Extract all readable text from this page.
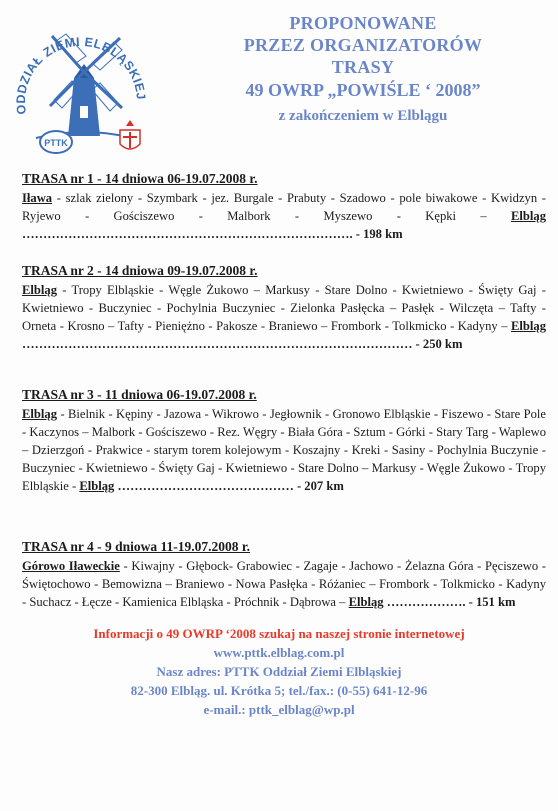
ODDZIAŁ ZIEMI ELBLĄSKIEJ
PTTK
PROPONOWANE
PRZEZ ORGANIZATORÓW
TRASY
49 OWRP „POWIŚLE ‘ 2008”
z zakończeniem w Elblągu
TRASA nr 1 - 14 dniowa 06-19.07.2008 r.
Iława - szlak zielony - Szymbark - jez. Burgale - Prabuty - Szadowo - pole biwakowe - Kwidzyn - Ryjewo - Gościszewo - Malbork - Myszewo - Kępki – Elbląg ……………………………………………………………………. - 198 km
TRASA nr 2 - 14 dniowa 09-19.07.2008 r.
Elbląg - Tropy Elbląskie - Węgle Żukowo – Markusy - Stare Dolno - Kwietniewo - Święty Gaj - Kwietniewo - Buczyniec - Pochylnia Buczyniec - Zielonka Pasłęcka – Pasłęk - Wilczęta – Tafty - Orneta - Krosno – Tafty - Pieniężno - Pakosze - Braniewo – Frombork - Tolkmicko - Kadyny – Elbląg ………………………………………………………………………………… - 250 km
TRASA nr 3 - 11 dniowa 06-19.07.2008 r.
Elbląg - Bielnik - Kępiny - Jazowa - Wikrowo - Jegłownik - Gronowo Elbląskie - Fiszewo - Stare Pole - Kaczynos – Malbork - Gościszewo - Rez. Węgry - Biała Góra - Sztum - Górki - Stary Targ - Waplewo – Dzierzgoń - Prakwice - starym torem kolejowym - Koszajny - Kreki - Sasiny - Pochylnia Buczynie - Buczyniec - Kwietniewo - Święty Gaj - Kwietniewo - Stare Dolno – Markusy - Węgle Żukowo - Tropy Elbląskie - Elbląg …………………………………… - 207 km
TRASA nr 4 - 9 dniowa 11-19.07.2008 r.
Górowo Iławeckie - Kiwajny - Głębock- Grabowiec - Zagaje - Jachowo - Żelazna Góra - Pęciszewo - Świętochowo - Bemowizna – Braniewo - Nowa Pasłęka - Różaniec – Frombork - Tolkmicko - Kadyny - Suchacz - Łęcze - Kamienica Elbląska - Próchnik - Dąbrowa – Elbląg ………………. - 151 km
Informacji o 49 OWRP ‘2008 szukaj na naszej stronie internetowej
www.pttk.elblag.com.pl
Nasz adres: PTTK Oddział Ziemi Elbląskiej
82-300 Elbląg. ul. Krótka 5; tel./fax.: (0-55) 641-12-96
e-mail.: pttk_elblag@wp.pl
